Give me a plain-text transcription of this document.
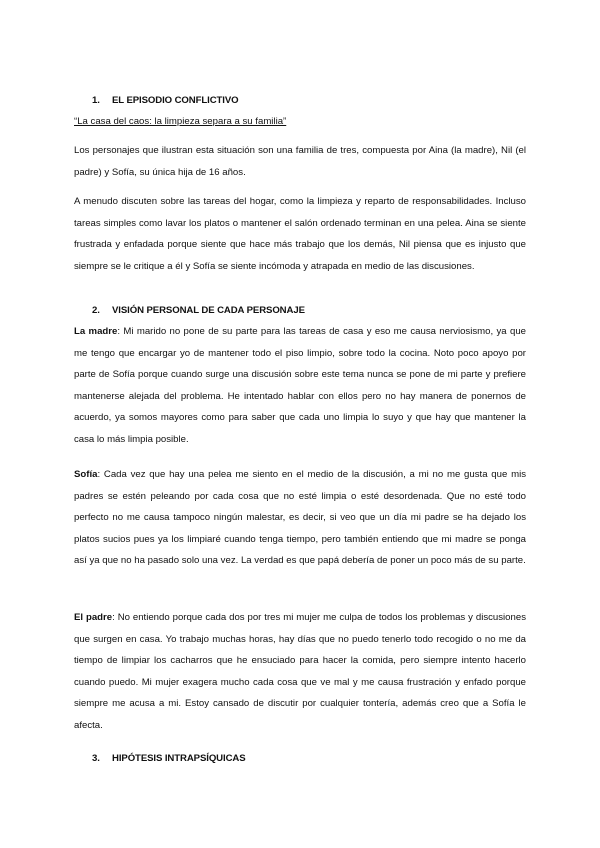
1. EL EPISODIO CONFLICTIVO
“La casa del caos: la limpieza separa a su familia”
Los personajes que ilustran esta situación son una familia de tres, compuesta por Aina (la madre), Nil (el padre) y Sofía, su única hija de 16 años.
A menudo discuten sobre las tareas del hogar, como la limpieza y reparto de responsabilidades. Incluso tareas simples como lavar los platos o mantener el salón ordenado terminan en una pelea. Aina se siente frustrada y enfadada porque siente que hace más trabajo que los demás, Nil piensa que es injusto que siempre se le critique a él y Sofía se siente incómoda y atrapada en medio de las discusiones.
2. VISIÓN PERSONAL DE CADA PERSONAJE
La madre: Mi marido no pone de su parte para las tareas de casa y eso me causa nerviosismo, ya que me tengo que encargar yo de mantener todo el piso limpio, sobre todo la cocina. Noto poco apoyo por parte de Sofía porque cuando surge una discusión sobre este tema nunca se pone de mi parte y prefiere mantenerse alejada del problema. He intentado hablar con ellos pero no hay manera de ponernos de acuerdo, ya somos mayores como para saber que cada uno limpia lo suyo y que hay que mantener la casa lo más limpia posible.
Sofía: Cada vez que hay una pelea me siento en el medio de la discusión, a mi no me gusta que mis padres se estén peleando por cada cosa que no esté limpia o esté desordenada. Que no esté todo perfecto no me causa tampoco ningún malestar, es decir, si veo que un día mi padre se ha dejado los platos sucios pues ya los limpiaré cuando tenga tiempo, pero también entiendo que mi madre se ponga así ya que no ha pasado solo una vez. La verdad es que papá debería de poner un poco más de su parte.
El padre: No entiendo porque cada dos por tres mi mujer me culpa de todos los problemas y discusiones que surgen en casa. Yo trabajo muchas horas, hay días que no puedo tenerlo todo recogido o no me da tiempo de limpiar los cacharros que he ensuciado para hacer la comida, pero siempre intento hacerlo cuando puedo. Mi mujer exagera mucho cada cosa que ve mal y me causa frustración y enfado porque siempre me acusa a mi. Estoy cansado de discutir por cualquier tontería, además creo que a Sofía le afecta.
3. HIPÓTESIS INTRAPSÍQUICAS
